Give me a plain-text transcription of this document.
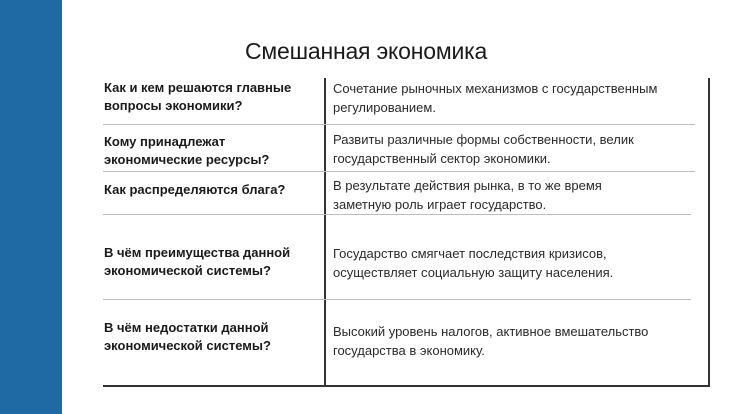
Смешанная экономика
Как и кем решаются главные вопросы экономики?
Сочетание рыночных механизмов с государственным регулированием.
Кому принадлежат экономические ресурсы?
Развиты различные формы собственности, велик государственный сектор экономики.
Как распределяются блага?	В результате действия рынка, в то же время заметную роль играет государство.
В чём преимущества данной экономической системы?
Государство смягчает последствия кризисов, осуществляет социальную защиту населения.
В чём недостатки данной экономической системы?
Высокий уровень налогов, активное вмешательство государства в экономику.
